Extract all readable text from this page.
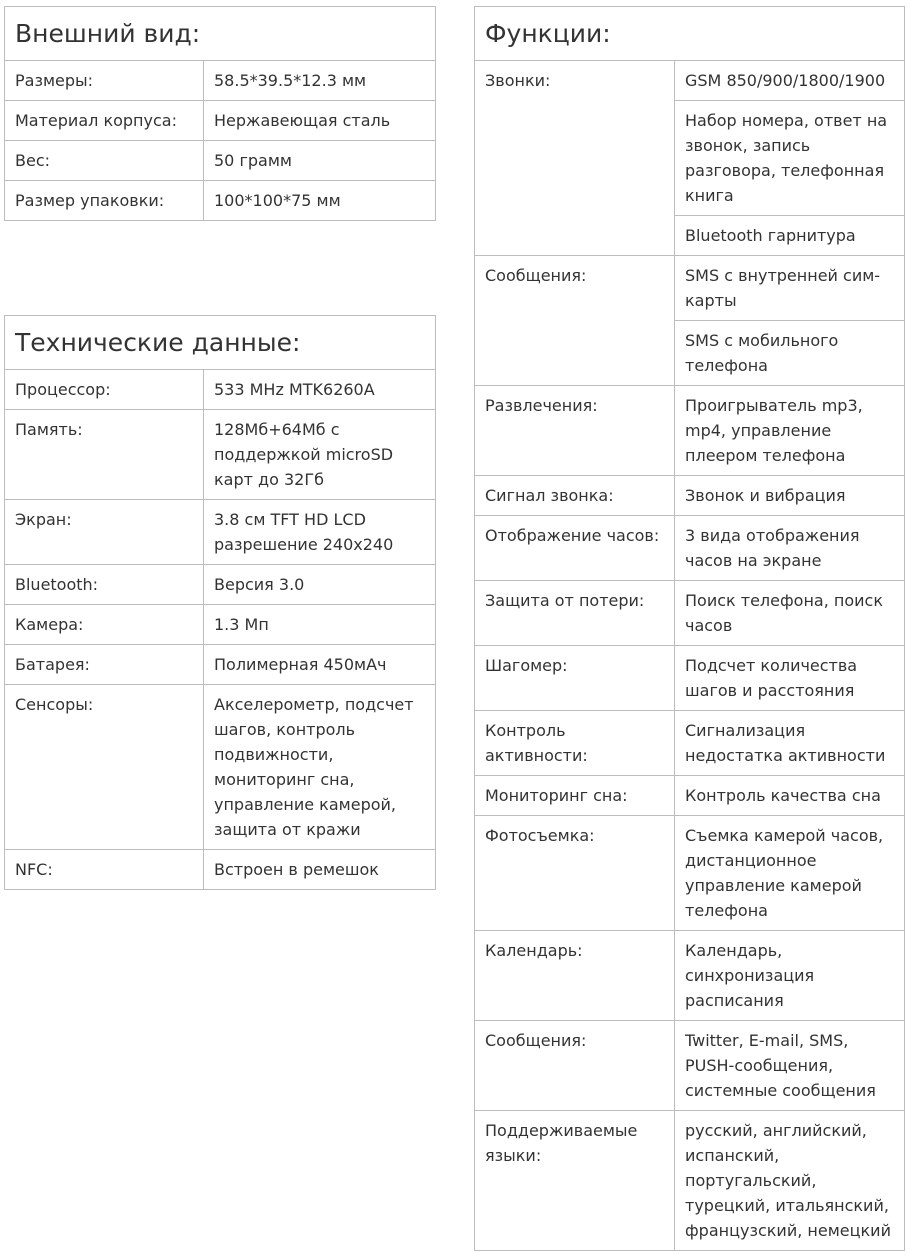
Внешний вид:	
Размеры:	58.5*39.5*12.3 мм
Материал корпуса:	Нержавеющая сталь
Вес:	50 грамм
Размер упаковки:	100*100*75 мм
Технические данные:	
Процессор:	533 MHz MTK6260A
Память:	128Мб+64Мб с поддержкой microSD карт до 32Гб
Экран:	3.8 см TFT HD LCD разрешение 240x240
Bluetooth:	Версия 3.0
Камера:	1.3 Мп
Батарея:	Полимерная 450мАч
Сенсоры:	Акселерометр, подсчет шагов, контроль подвижности, мониторинг сна, управление камерой, защита от кражи
NFC:	Встроен в ремешок
Функции:	
Звонки:	GSM 850/900/1800/1900
	Набор номера, ответ на звонок, запись разговора, телефонная книга
	Bluetooth гарнитура
Сообщения:	SMS с внутренней сим-карты
	SMS с мобильного телефона
Развлечения:	Проигрыватель mp3, mp4, управление плеером телефона
Сигнал звонка:	Звонок и вибрация
Отображение часов:	3 вида отображения часов на экране
Защита от потери:	Поиск телефона, поиск часов
Шагомер:	Подсчет количества шагов и расстояния
Контроль активности:	Сигнализация недостатка активности
Мониторинг сна:	Контроль качества сна
Фотосъемка:	Съемка камерой часов, дистанционное управление камерой телефона
Календарь:	Календарь, синхронизация расписания
Сообщения:	Twitter, E-mail, SMS, PUSH-сообщения, системные сообщения
Поддерживаемые языки:	русский, английский, испанский, португальский, турецкий, итальянский, французский, немецкий
